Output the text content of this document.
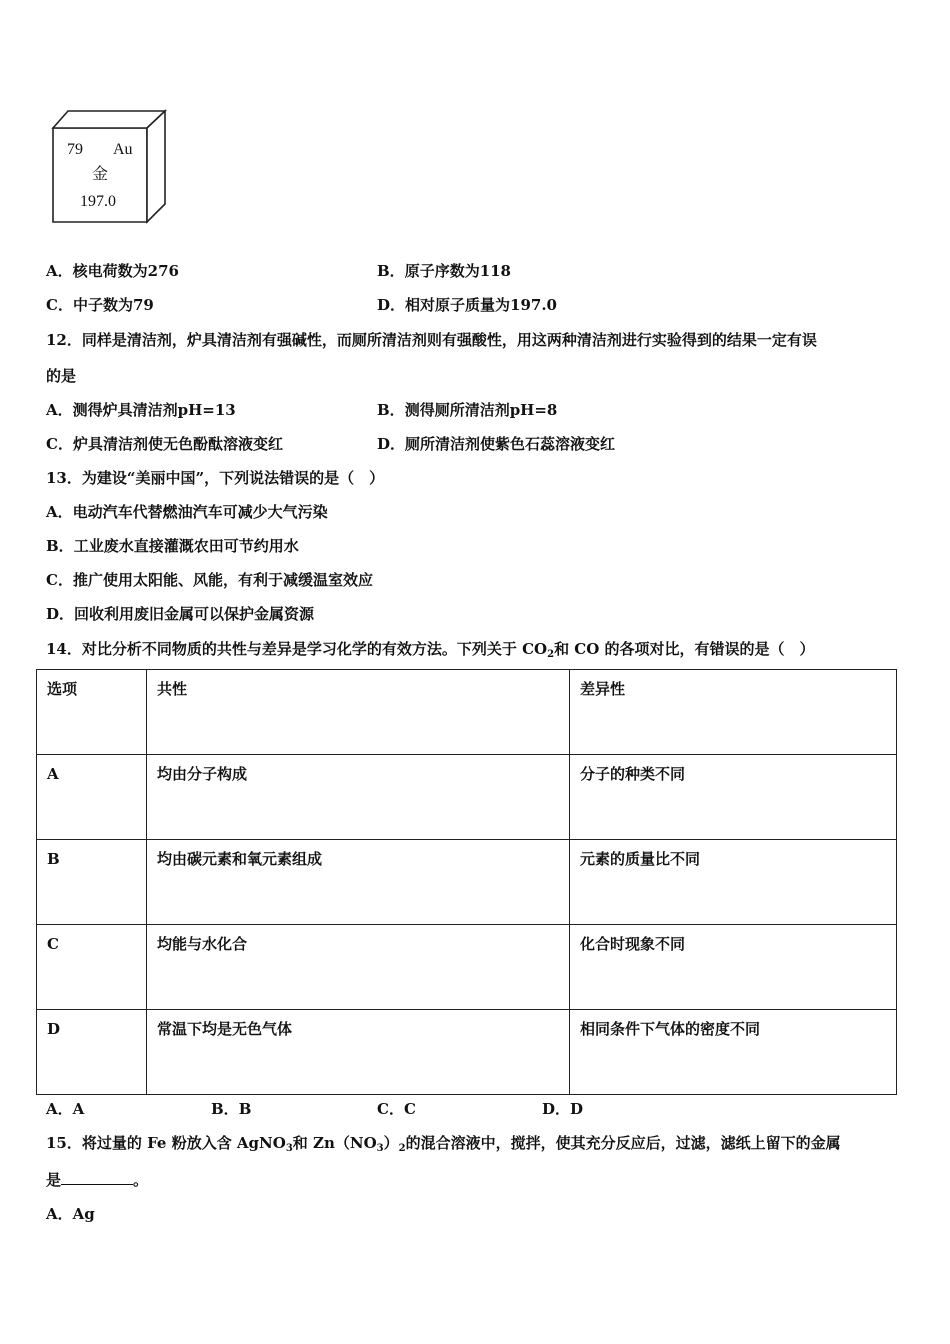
79 Au
金
197.0
A．核电荷数为276	B．原子序数为118
C．中子数为79	D．相对原子质量为197.0
12．同样是清洁剂，炉具清洁剂有强碱性，而厕所清洁剂则有强酸性，用这两种清洁剂进行实验得到的结果一定有误
的是
A．测得炉具清洁剂pH=13	B．测得厕所清洁剂pH=8
C．炉具清洁剂使无色酚酞溶液变红	D．厕所清洁剂使紫色石蕊溶液变红
13．为建设“美丽中国”，下列说法错误的是（　）
A．电动汽车代替燃油汽车可减少大气污染
B．工业废水直接灌溉农田可节约用水
C．推广使用太阳能、风能，有利于减缓温室效应
D．回收利用废旧金属可以保护金属资源
14．对比分析不同物质的共性与差异是学习化学的有效方法。下列关于 $CO_2$和 CO 的各项对比，有错误的是（　）
选项	共性	差异性
A	均由分子构成	分子的种类不同
B	均由碳元素和氧元素组成	元素的质量比不同
C	均能与水化合	化合时现象不同
D	常温下均是无色气体	相同条件下气体的密度不同
A．A	B．B	C．C	D．D
15．将过量的 Fe 粉放入含 AgNO$_3$和 $Zn(NO_3)_2$的混合溶液中，搅拌，使其充分反应后，过滤，滤纸上留下的金属
是	。
A．Ag
